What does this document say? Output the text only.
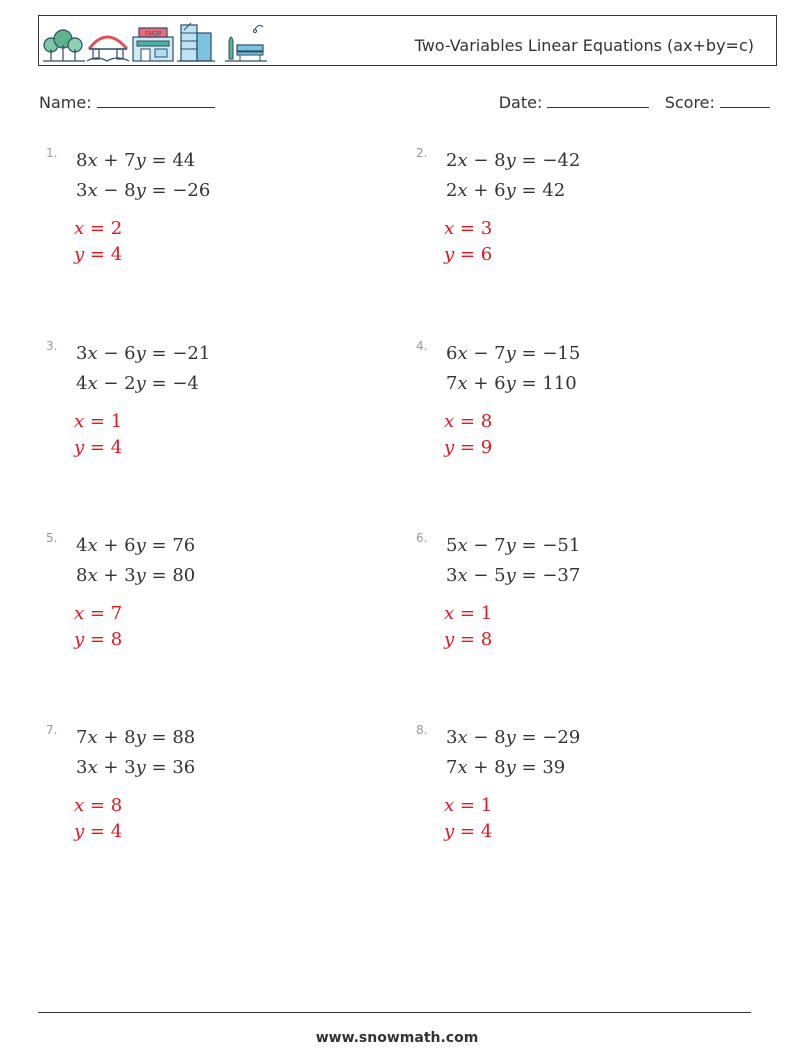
SHOP
Two-Variables Linear Equations (ax+by=c)
Name:	Date:	Score:
1. 8x + 7y = 44
3x − 8y = −26
x = 2
y = 4
2. 2x − 8y = −42
2x + 6y = 42
x = 3
y = 6
3. 3x − 6y = −21
4x − 2y = −4
x = 1
y = 4
4. 6x − 7y = −15
7x + 6y = 110
x = 8
y = 9
5. 4x + 6y = 76
8x + 3y = 80
x = 7
y = 8
6. 5x − 7y = −51
3x − 5y = −37
x = 1
y = 8
7. 7x + 8y = 88
3x + 3y = 36
x = 8
y = 4
8. 3x − 8y = −29
7x + 8y = 39
x = 1
y = 4
www.snowmath.com
